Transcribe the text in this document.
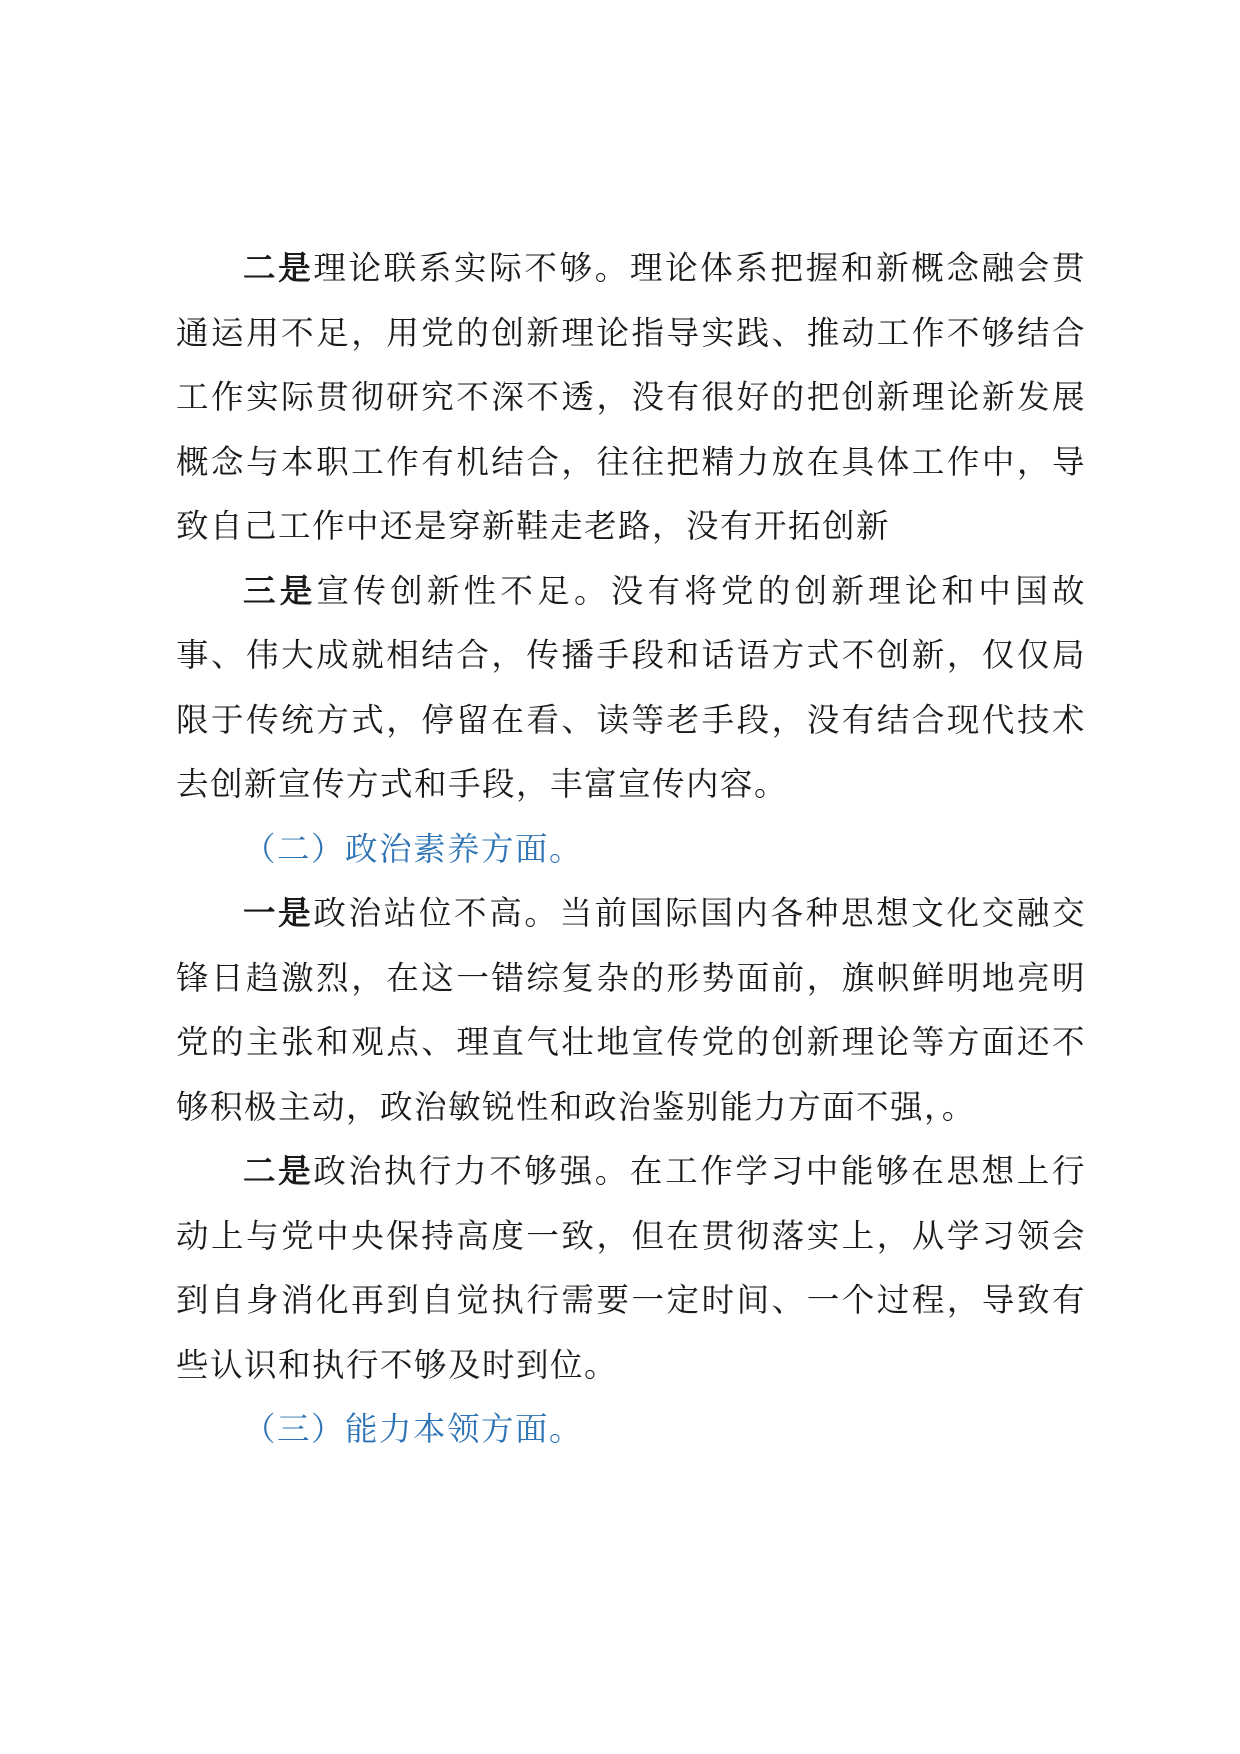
二是理论联系实际不够。理论体系把握和新概念融会贯通运用不足，用党的创新理论指导实践、推动工作不够结合工作实际贯彻研究不深不透，没有很好的把创新理论新发展概念与本职工作有机结合，往往把精力放在具体工作中，导致自己工作中还是穿新鞋走老路，没有开拓创新

三是宣传创新性不足。没有将党的创新理论和中国故事、伟大成就相结合，传播手段和话语方式不创新，仅仅局限于传统方式，停留在看、读等老手段，没有结合现代技术去创新宣传方式和手段，丰富宣传内容。

（二）政治素养方面。

一是政治站位不高。当前国际国内各种思想文化交融交锋日趋激烈，在这一错综复杂的形势面前，旗帜鲜明地亮明党的主张和观点、理直气壮地宣传党的创新理论等方面还不够积极主动，政治敏锐性和政治鉴别能力方面不强，。

二是政治执行力不够强。在工作学习中能够在思想上行动上与党中央保持高度一致，但在贯彻落实上，从学习领会到自身消化再到自觉执行需要一定时间、一个过程，导致有些认识和执行不够及时到位。

（三）能力本领方面。
